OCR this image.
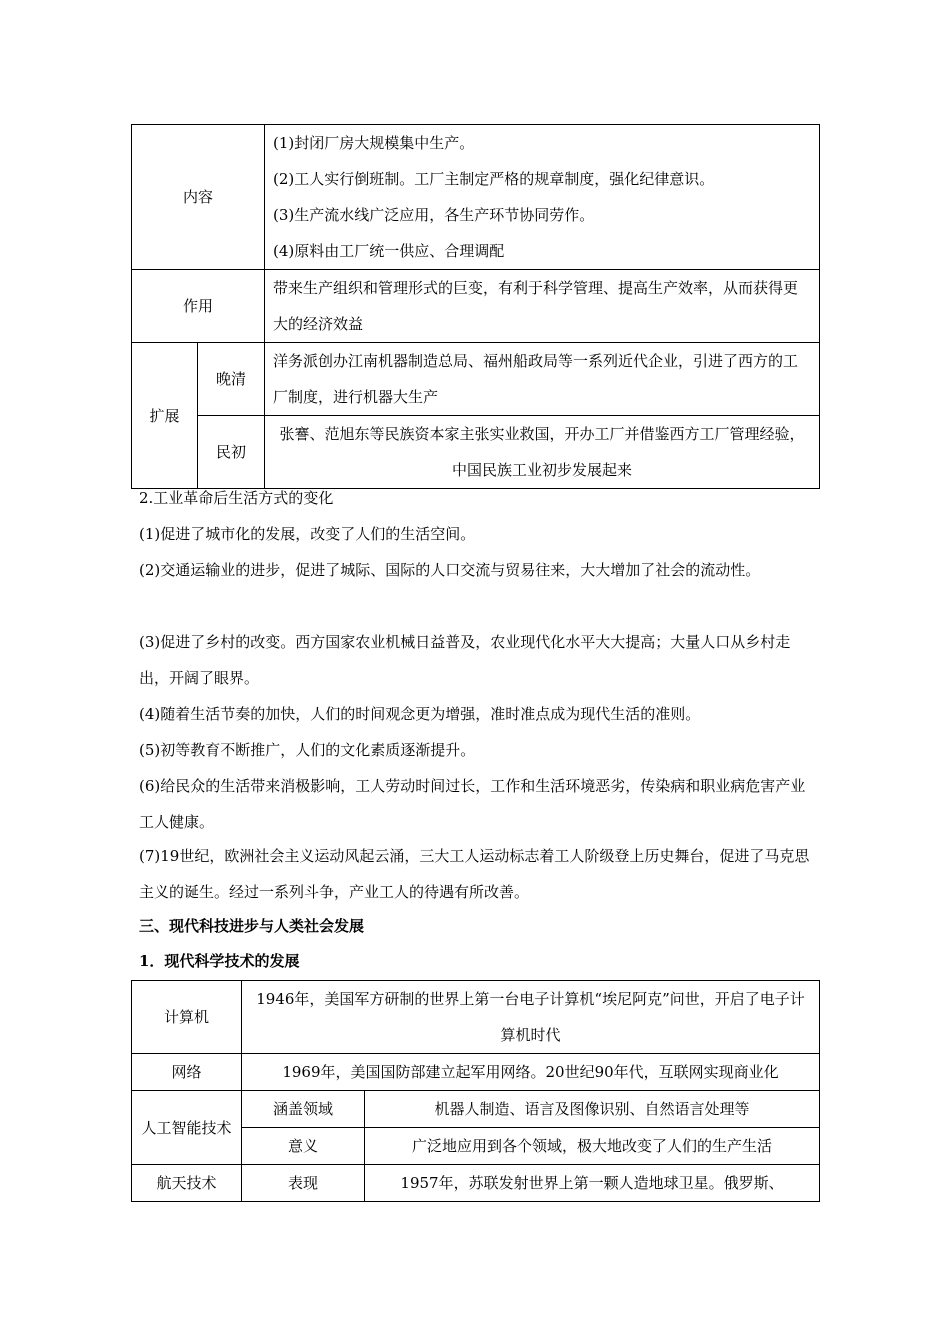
内容		(1)封闭厂房大规模集中生产。
(2)工人实行倒班制。工厂主制定严格的规章制度，强化纪律意识。
(3)生产流水线广泛应用，各生产环节协同劳作。
(4)原料由工厂统一供应、合理调配

作用		带来生产组织和管理形式的巨变，有利于科学管理、提高生产效率，从而获得更大的经济效益
扩展	晚清	洋务派创办江南机器制造总局、福州船政局等一系列近代企业，引进了西方的工厂制度，进行机器大生产
	民初	张謇、范旭东等民族资本家主张实业救国，开办工厂并借鉴西方工厂管理经验，中国民族工业初步发展起来
2.工业革命后生活方式的变化
(1)促进了城市化的发展，改变了人们的生活空间。
(2)交通运输业的进步，促进了城际、国际的人口交流与贸易往来，大大增加了社会的流动性。
(3)促进了乡村的改变。西方国家农业机械日益普及，农业现代化水平大大提高；大量人口从乡村走出，开阔了眼界。
(4)随着生活节奏的加快，人们的时间观念更为增强，准时准点成为现代生活的准则。
(5)初等教育不断推广，人们的文化素质逐渐提升。
(6)给民众的生活带来消极影响，工人劳动时间过长，工作和生活环境恶劣，传染病和职业病危害产业工人健康。
(7)19世纪，欧洲社会主义运动风起云涌，三大工人运动标志着工人阶级登上历史舞台，促进了马克思主义的诞生。经过一系列斗争，产业工人的待遇有所改善。
三、现代科技进步与人类社会发展
1．现代科学技术的发展
计算机	1946年，美国军方研制的世界上第一台电子计算机“埃尼阿克”问世，开启了电子计算机时代	
网络	1969年，美国国防部建立起军用网络。20世纪90年代，互联网实现商业化	
人工智能技术	涵盖领域	机器人制造、语言及图像识别、自然语言处理等
	意义	广泛地应用到各个领域，极大地改变了人们的生产生活
航天技术	表现	1957年，苏联发射世界上第一颗人造地球卫星。俄罗斯、
